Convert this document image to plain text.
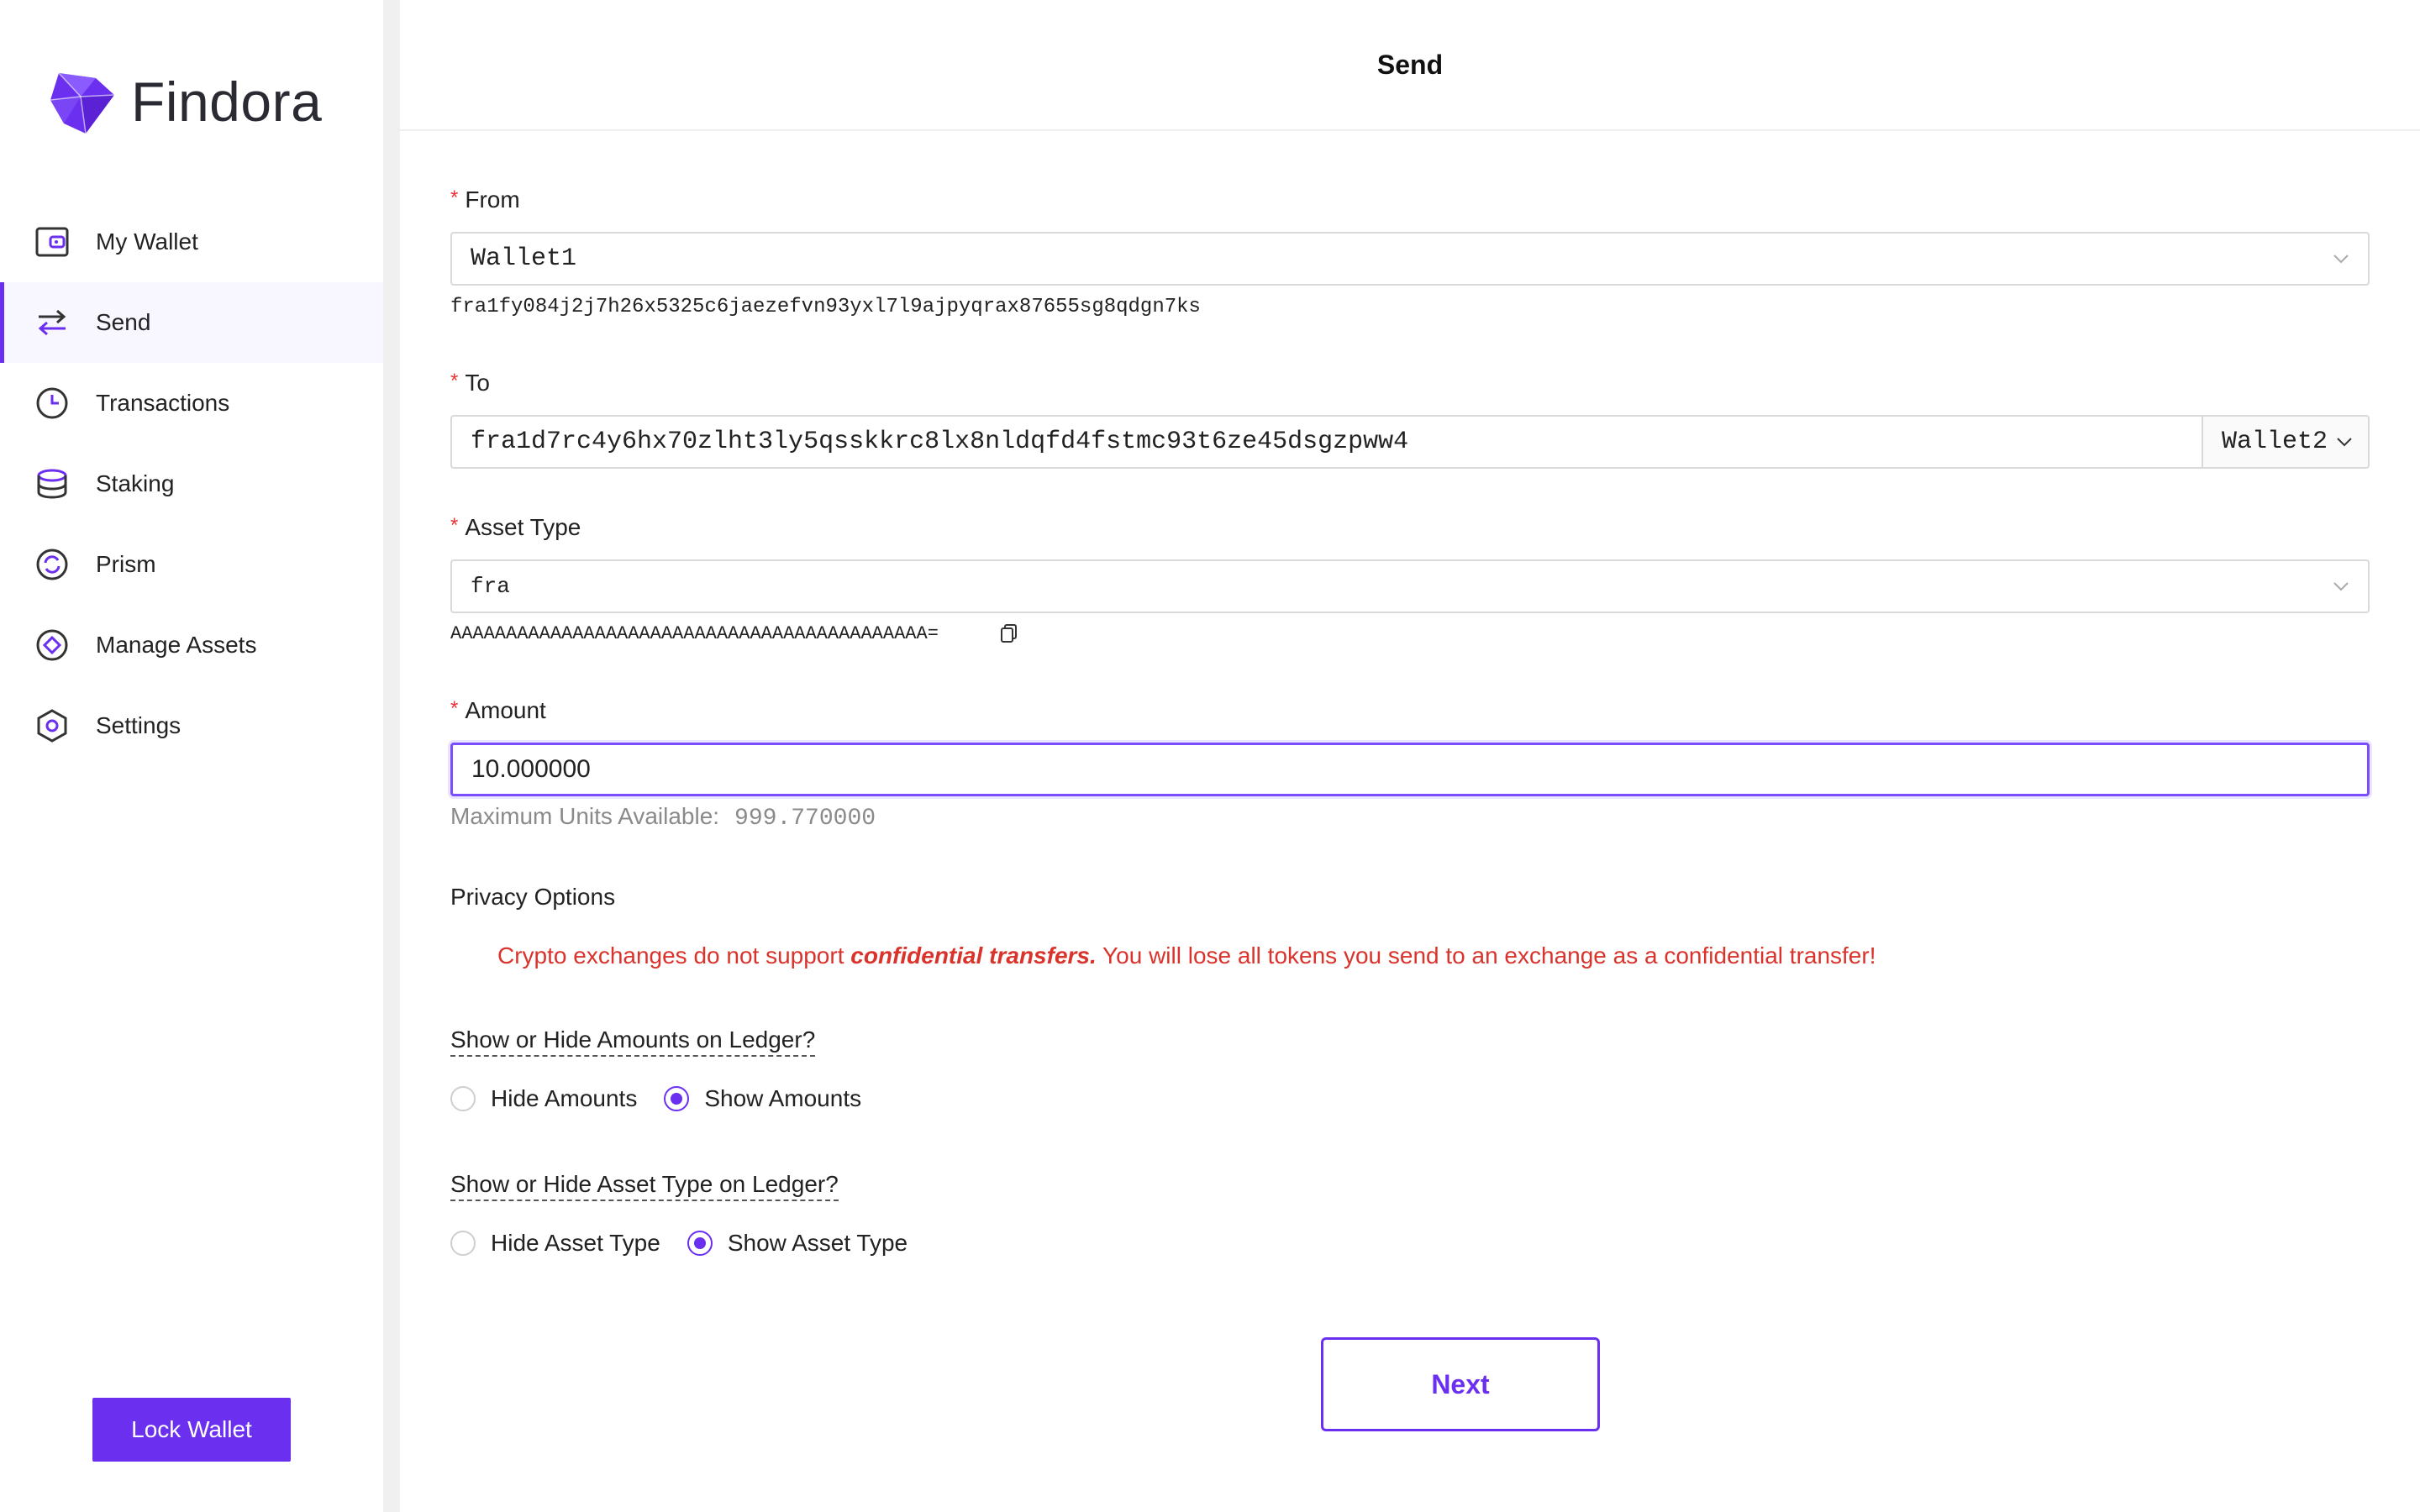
Findora
My Wallet
Send
Transactions
Staking
Prism
Manage Assets
Settings
Lock Wallet
Send
* From
Wallet1
fra1fy084j2j7h26x5325c6jaezefvn93yxl7l9ajpyqrax87655sg8qdgn7ks
* To
fra1d7rc4y6hx70zlht3ly5qsskkrc8lx8nldqfd4fstmc93t6ze45dsgzpww4	Wallet2
* Asset Type
fra
AAAAAAAAAAAAAAAAAAAAAAAAAAAAAAAAAAAAAAAAAAA=
* Amount
10.000000
Maximum Units Available: 999.770000
Privacy Options
Crypto exchanges do not support confidential transfers. You will lose all tokens you send to an exchange as a confidential transfer!
Show or Hide Amounts on Ledger?
Hide Amounts	Show Amounts
Show or Hide Asset Type on Ledger?
Hide Asset Type	Show Asset Type
Next
